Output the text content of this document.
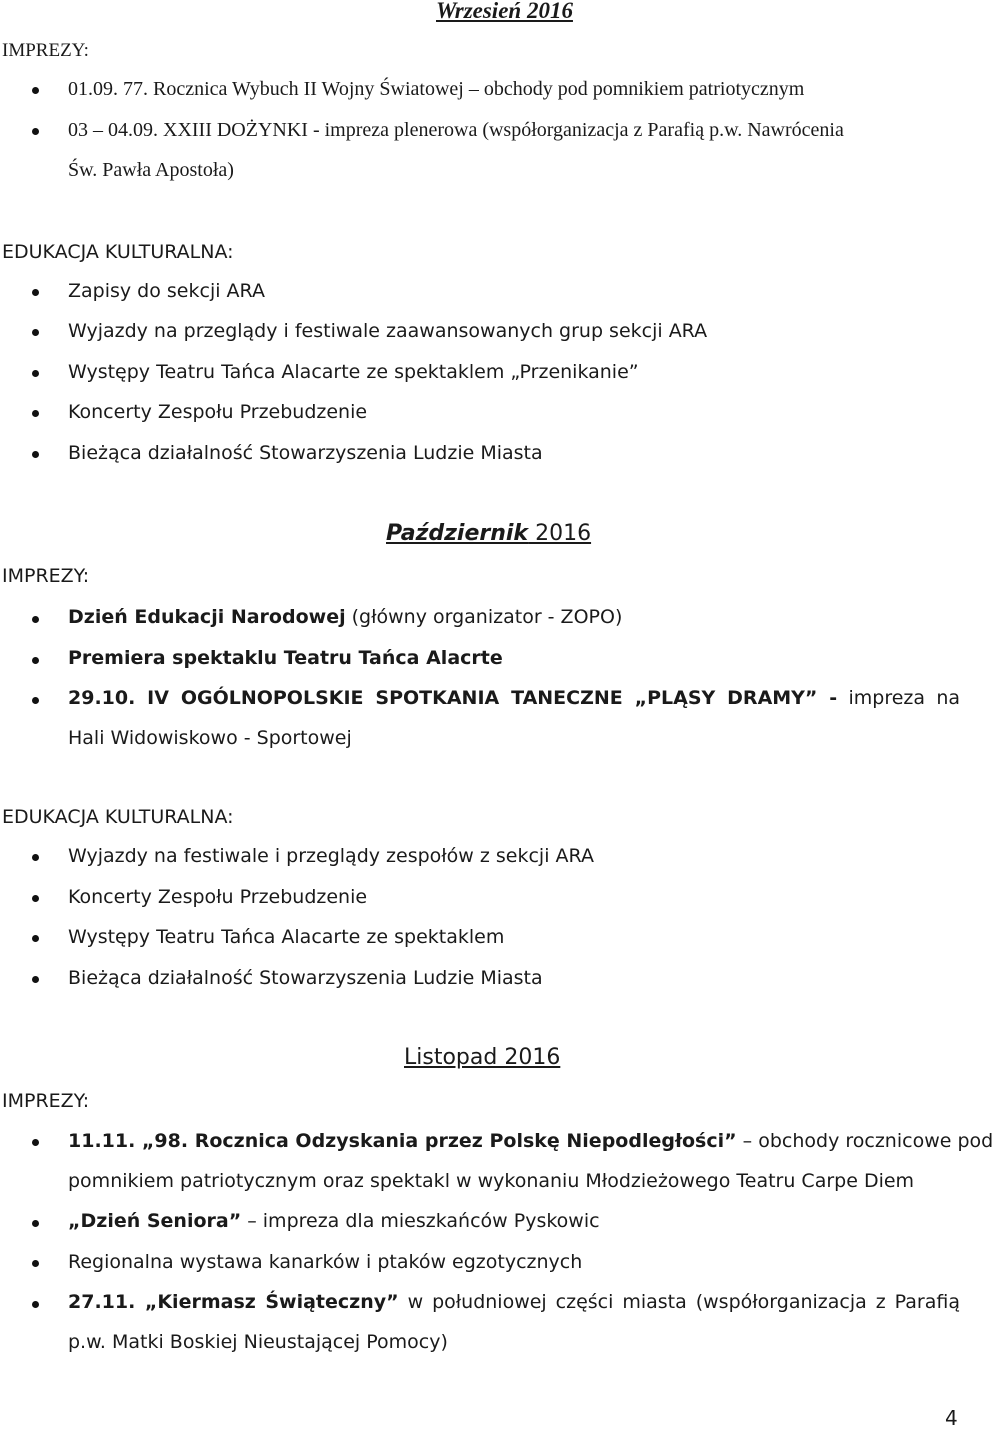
Wrzesień 2016
IMPREZY:
01.09. 77. Rocznica Wybuch II Wojny Światowej – obchody pod pomnikiem patriotycznym
03 – 04.09. XXIII DOŻYNKI - impreza plenerowa (współorganizacja z Parafią p.w. Nawrócenia
Św. Pawła Apostoła)
EDUKACJA KULTURALNA:
Zapisy do sekcji ARA
Wyjazdy na przeglądy i festiwale zaawansowanych grup sekcji ARA
Występy Teatru Tańca Alacarte ze spektaklem „Przenikanie”
Koncerty Zespołu Przebudzenie
Bieżąca działalność Stowarzyszenia Ludzie Miasta
Październik 2016
IMPREZY:
Dzień Edukacji Narodowej (główny organizator - ZOPO)
Premiera spektaklu Teatru Tańca Alacrte
29.10. IV OGÓLNOPOLSKIE SPOTKANIA TANECZNE „PLĄSY DRAMY” - impreza na
Hali Widowiskowo - Sportowej
EDUKACJA KULTURALNA:
Wyjazdy na festiwale i przeglądy zespołów z sekcji ARA
Koncerty Zespołu Przebudzenie
Występy Teatru Tańca Alacarte ze spektaklem
Bieżąca działalność Stowarzyszenia Ludzie Miasta
Listopad 2016
IMPREZY:
11.11. „98. Rocznica Odzyskania przez Polskę Niepodległości” – obchody rocznicowe pod
pomnikiem patriotycznym oraz spektakl w wykonaniu Młodzieżowego Teatru Carpe Diem
„Dzień Seniora” – impreza dla mieszkańców Pyskowic
Regionalna wystawa kanarków i ptaków egzotycznych
27.11. „Kiermasz Świąteczny” w południowej części miasta (współorganizacja z Parafią
p.w. Matki Boskiej Nieustającej Pomocy)
4
